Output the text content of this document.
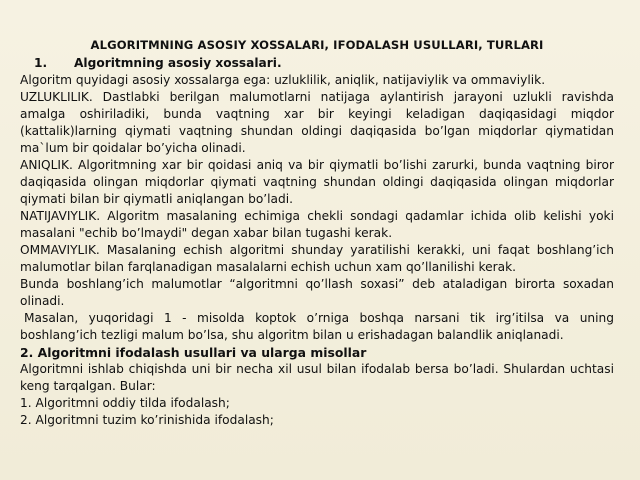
ALGORITMNING ASOSIY XOSSALARI, IFODALASH USULLARI, TURLARI
1. Algoritmning asosiy xossalari.

Algoritm quyidagi asosiy xossalarga ega: uzluklilik, aniqlik, natijaviylik va ommaviylik.

UZLUKLILIK. Dastlabki berilgan malumotlarni natijaga aylantirish jarayoni uzlukli ravishda amalga oshiriladiki, bunda vaqtning xar bir keyingi keladigan daqiqasidagi miqdor (kattalik)larning qiymati vaqtning shundan oldingi daqiqasida bo’lgan miqdorlar qiymatidan ma`lum bir qoidalar bo’yicha olinadi.

ANIQLIK. Algoritmning xar bir qoidasi aniq va bir qiymatli bo’lishi zarurki, bunda vaqtning biror daqiqasida olingan miqdorlar qiymati vaqtning shundan oldingi daqiqasida olingan miqdorlar qiymati bilan bir qiymatli aniqlangan bo’ladi.

NATIJAVIYLIK. Algoritm masalaning echimiga chekli sondagi qadamlar ichida olib kelishi yoki masalani "echib bo’lmaydi" degan xabar bilan tugashi kerak.

OMMAVIYLIK. Masalaning echish algoritmi shunday yaratilishi kerakki, uni faqat boshlang’ich malumotlar bilan farqlanadigan masalalarni echish uchun xam qo’llanilishi kerak.

Bunda boshlang’ich malumotlar “algoritmni qo’llash soxasi” deb ataladigan birorta soxadan olinadi.

Masalan, yuqoridagi 1 - misolda koptok o’rniga boshqa narsani tik irg’itilsa va uning boshlang’ich tezligi malum bo’lsa, shu algoritm bilan u erishadagan balandlik aniqlanadi.

2. Algoritmni ifodalash usullari va ularga misollar

Algoritmni ishlab chiqishda uni bir necha xil usul bilan ifodalab bersa bo’ladi. Shulardan uchtasi keng tarqalgan. Bular:

1. Algoritmni oddiy tilda ifodalash;

2. Algoritmni tuzim ko’rinishida ifodalash;
